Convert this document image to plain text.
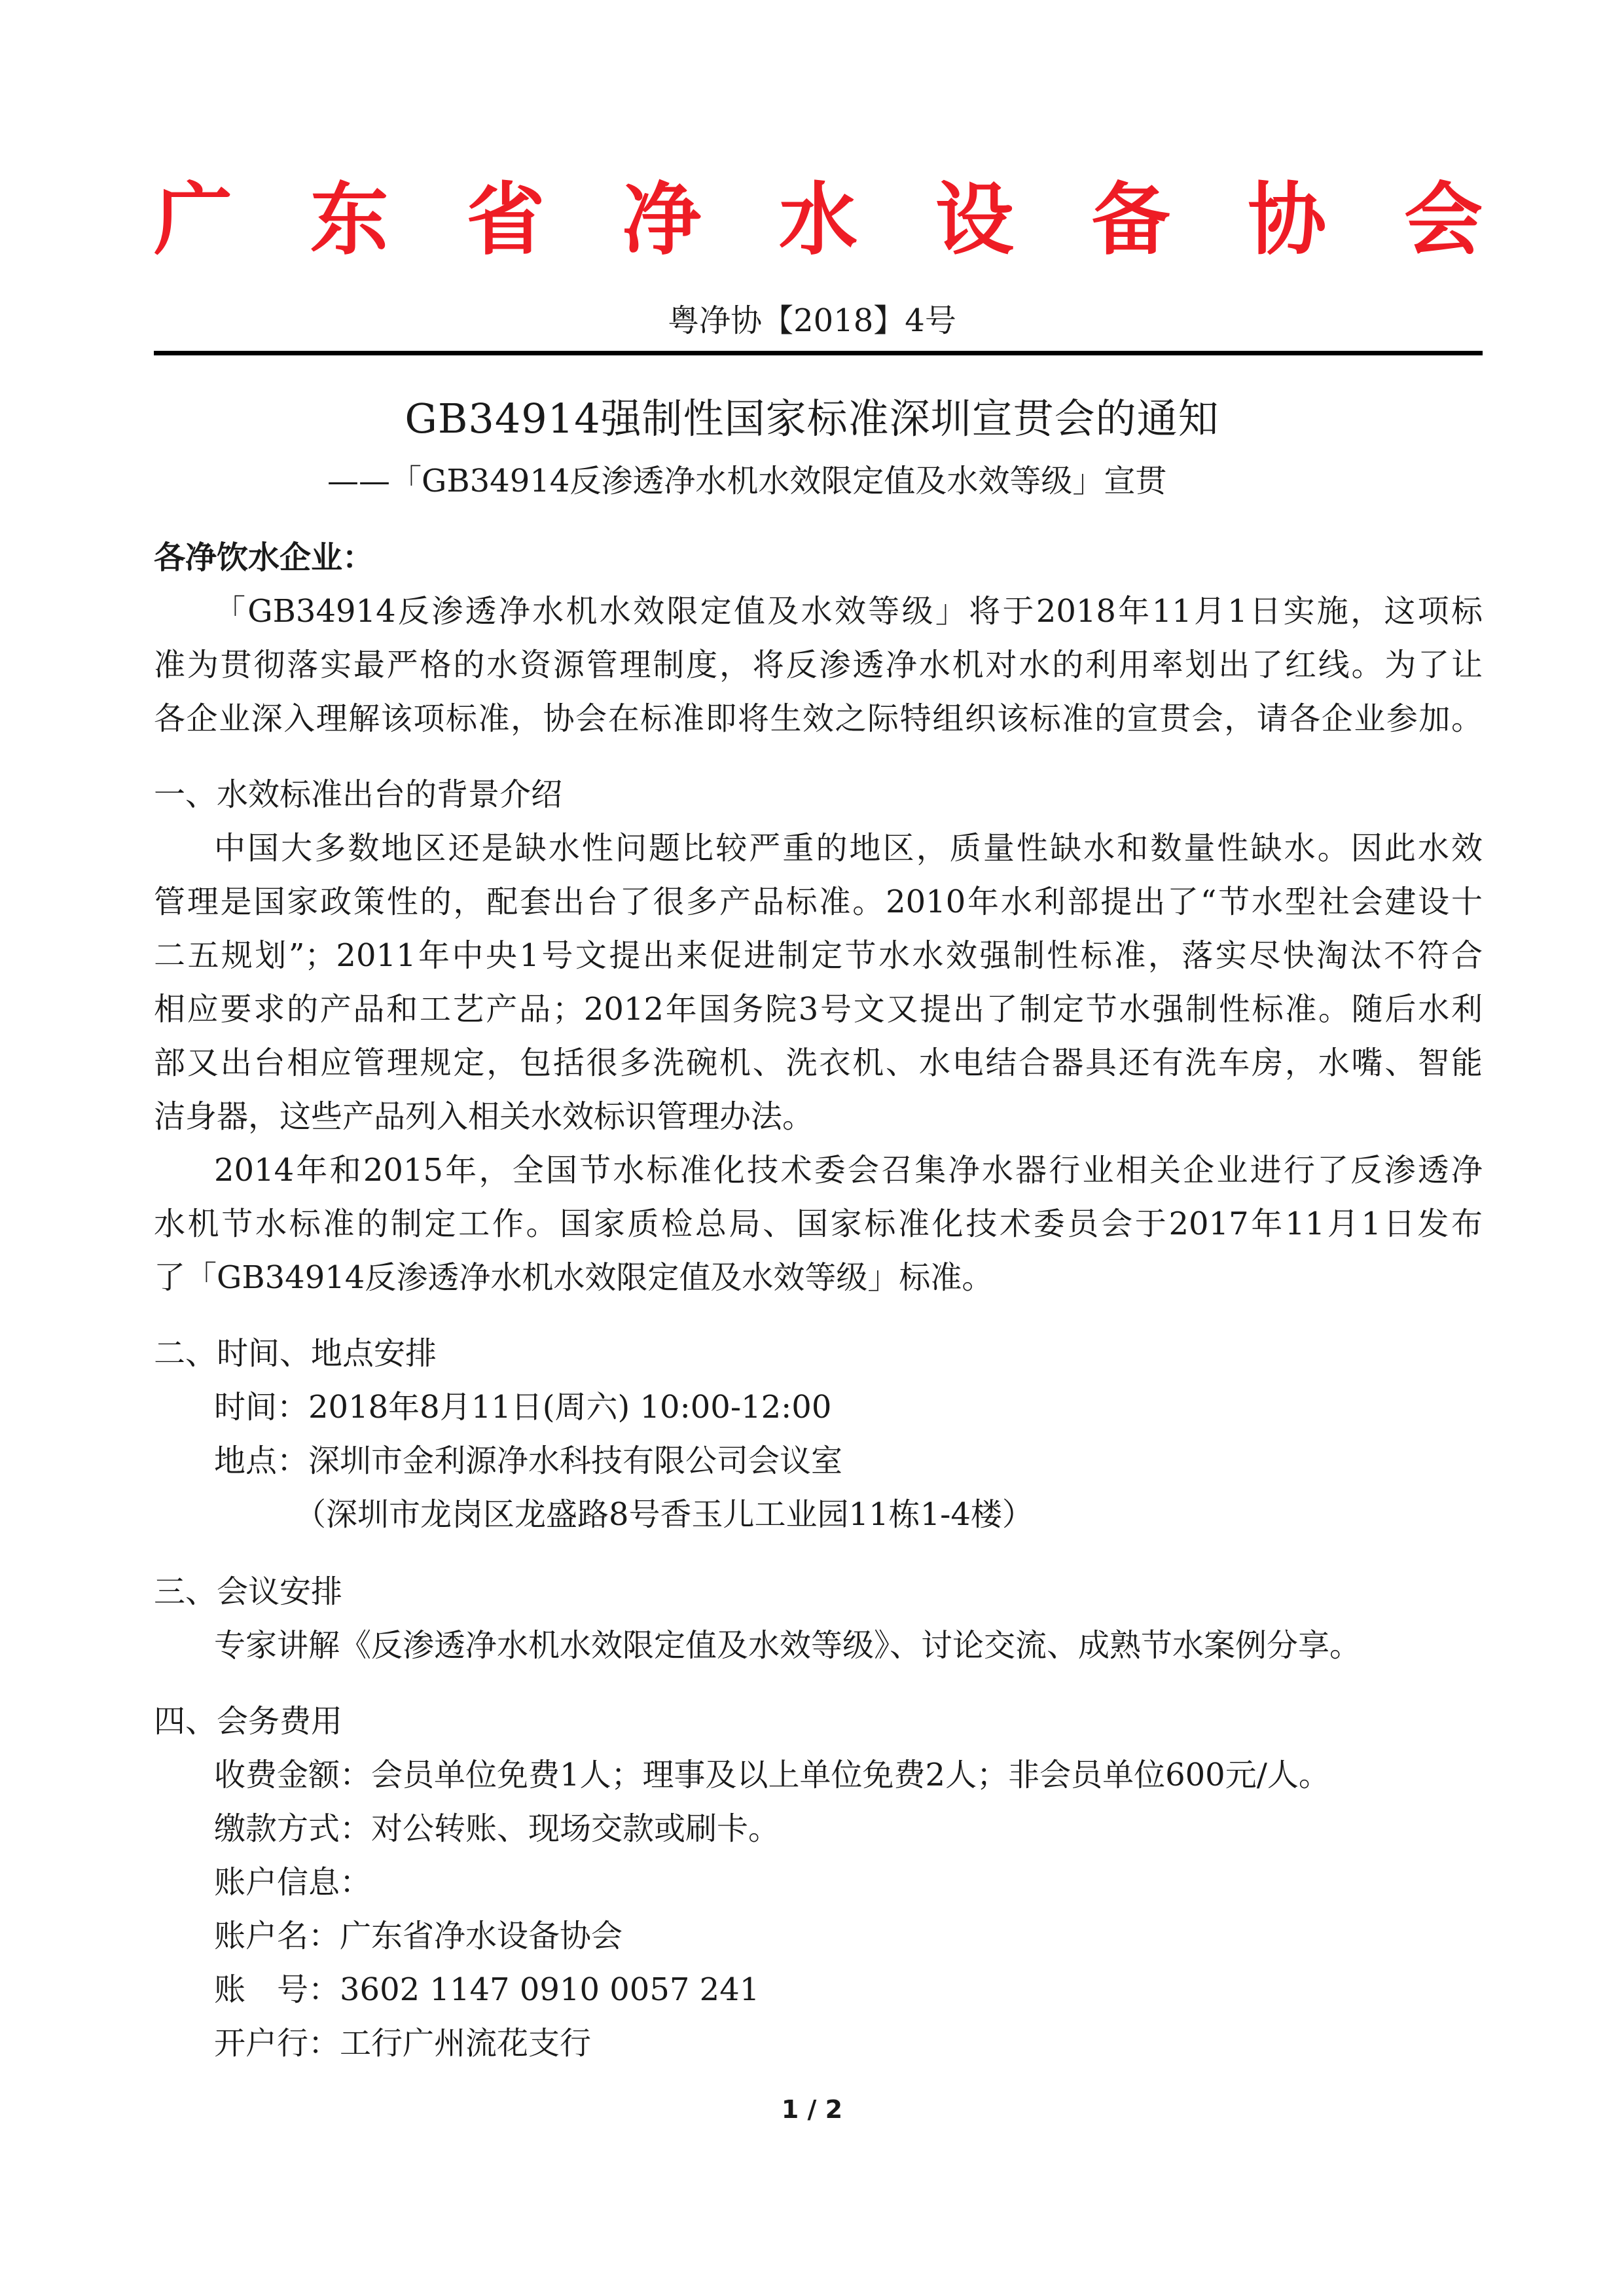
广 东 省 净 水 设 备 协 会
粤净协【2018】4号
GB34914强制性国家标准深圳宣贯会的通知
——「GB34914反渗透净水机水效限定值及水效等级」宣贯
各净饮水企业：
「GB34914反渗透净水机水效限定值及水效等级」将于2018年11月1日实施，这项标
准为贯彻落实最严格的水资源管理制度，将反渗透净水机对水的利用率划出了红线。为了让
各企业深入理解该项标准，协会在标准即将生效之际特组织该标准的宣贯会，请各企业参加。
一、水效标准出台的背景介绍
中国大多数地区还是缺水性问题比较严重的地区，质量性缺水和数量性缺水。因此水效
管理是国家政策性的，配套出台了很多产品标准。2010年水利部提出了“节水型社会建设十
二五规划”；2011年中央1号文提出来促进制定节水水效强制性标准，落实尽快淘汰不符合
相应要求的产品和工艺产品；2012年国务院3号文又提出了制定节水强制性标准。随后水利
部又出台相应管理规定，包括很多洗碗机、洗衣机、水电结合器具还有洗车房，水嘴、智能
洁身器，这些产品列入相关水效标识管理办法。
2014年和2015年，全国节水标准化技术委会召集净水器行业相关企业进行了反渗透净
水机节水标准的制定工作。国家质检总局、国家标准化技术委员会于2017年11月1日发布
了「GB34914反渗透净水机水效限定值及水效等级」标准。
二、时间、地点安排
时间：2018年8月11日(周六) 10:00-12:00
地点：深圳市金利源净水科技有限公司会议室
（深圳市龙岗区龙盛路8号香玉儿工业园11栋1-4楼）
三、会议安排
专家讲解《反渗透净水机水效限定值及水效等级》、讨论交流、成熟节水案例分享。
四、会务费用
收费金额：会员单位免费1人；理事及以上单位免费2人；非会员单位600元/人。
缴款方式：对公转账、现场交款或刷卡。
账户信息：
账户名：广东省净水设备协会
账　号：3602 1147 0910 0057 241
开户行：工行广州流花支行
1 / 2
